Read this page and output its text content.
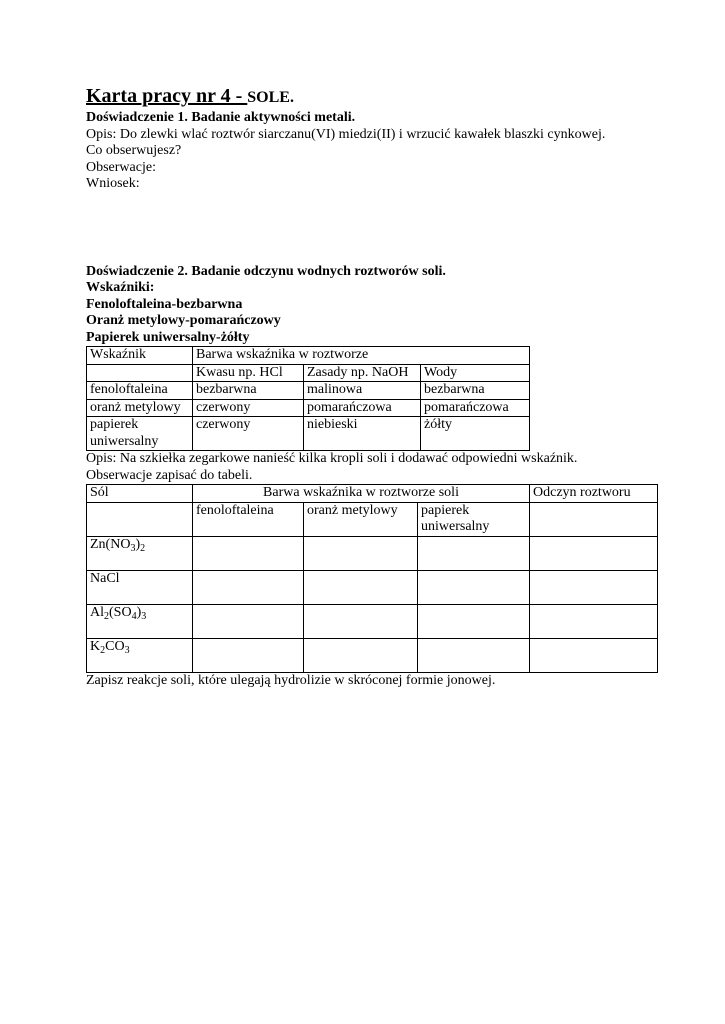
Karta pracy nr 4 - SOLE.

Doświadczenie 1. Badanie aktywności metali.

Opis: Do zlewki wlać roztwór siarczanu(VI) miedzi(II) i wrzucić kawałek blaszki cynkowej.

Co obserwujesz?

Obserwacje:

Wniosek:

Doświadczenie 2. Badanie odczynu wodnych roztworów soli.

Wskaźniki:

Fenoloftaleina-bezbarwna

Oranż metylowy-pomarańczowy

Papierek uniwersalny-żółty

Wskaźnik	Barwa wskaźnika w roztworze		
	Kwasu np. HCl	Zasady np. NaOH	Wody
fenoloftaleina	bezbarwna	malinowa	bezbarwna
oranż metylowy	czerwony	pomarańczowa	pomarańczowa
papierek uniwersalny	czerwony	niebieski	żółty

Opis: Na szkiełka zegarkowe nanieść kilka kropli soli i dodawać odpowiedni wskaźnik.

Obserwacje zapisać do tabeli.

Sól	Barwa wskaźnika w roztworze soli			Odczyn roztworu
	fenoloftaleina	oranż metylowy	papierek uniwersalny	
$Zn(NO_3)_2$				
NaCl				
$Al_2(SO_4)_3$				
$K_2CO_3$				

Zapisz reakcje soli, które ulegają hydrolizie w skróconej formie jonowej.
